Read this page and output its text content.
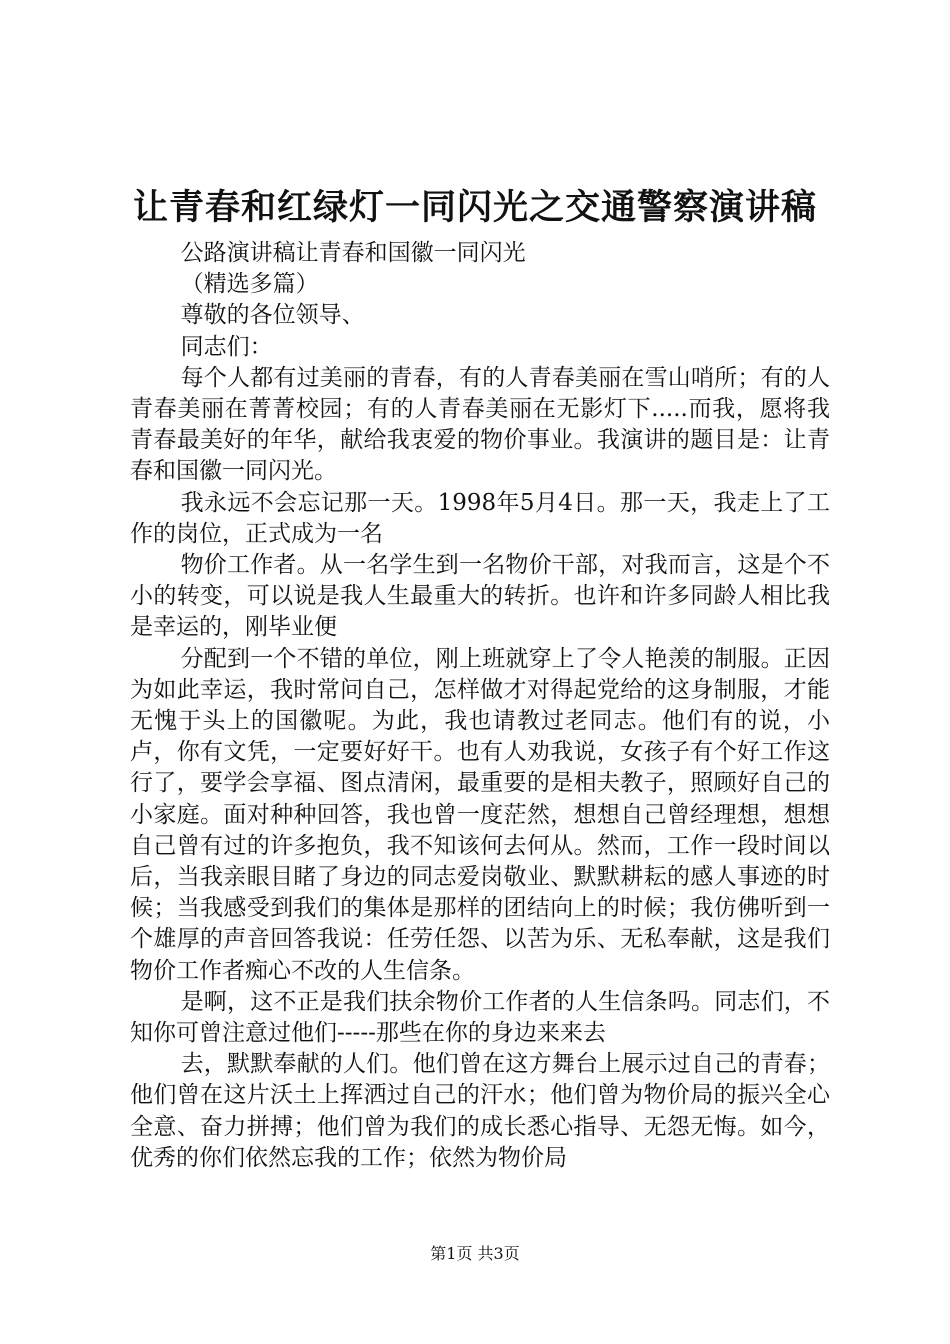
让青春和红绿灯一同闪光之交通警察演讲稿

公路演讲稿让青春和国徽一同闪光

（精选多篇）

尊敬的各位领导、

同志们：

每个人都有过美丽的青春，有的人青春美丽在雪山哨所；有的人青春美丽在菁菁校园；有的人青春美丽在无影灯下.....而我，愿将我青春最美好的年华，献给我衷爱的物价事业。我演讲的题目是：让青春和国徽一同闪光。

我永远不会忘记那一天。1998年5月4日。那一天，我走上了工作的岗位，正式成为一名

物价工作者。从一名学生到一名物价干部，对我而言，这是个不小的转变，可以说是我人生最重大的转折。也许和许多同龄人相比我是幸运的，刚毕业便

分配到一个不错的单位，刚上班就穿上了令人艳羡的制服。正因为如此幸运，我时常问自己，怎样做才对得起党给的这身制服，才能无愧于头上的国徽呢。为此，我也请教过老同志。他们有的说，小卢，你有文凭，一定要好好干。也有人劝我说，女孩子有个好工作这行了，要学会享福、图点清闲，最重要的是相夫教子，照顾好自己的小家庭。面对种种回答，我也曾一度茫然，想想自己曾经理想，想想自己曾有过的许多抱负，我不知该何去何从。然而，工作一段时间以后，当我亲眼目睹了身边的同志爱岗敬业、默默耕耘的感人事迹的时候；当我感受到我们的集体是那样的团结向上的时候；我仿佛听到一个雄厚的声音回答我说：任劳任怨、以苦为乐、无私奉献，这是我们物价工作者痴心不改的人生信条。

是啊，这不正是我们扶余物价工作者的人生信条吗。同志们，不知你可曾注意过他们-----那些在你的身边来来去

去，默默奉献的人们。他们曾在这方舞台上展示过自己的青春；他们曾在这片沃土上挥洒过自己的汗水；他们曾为物价局的振兴全心全意、奋力拼搏；他们曾为我们的成长悉心指导、无怨无悔。如今，优秀的你们依然忘我的工作；依然为物价局

第1页 共3页
